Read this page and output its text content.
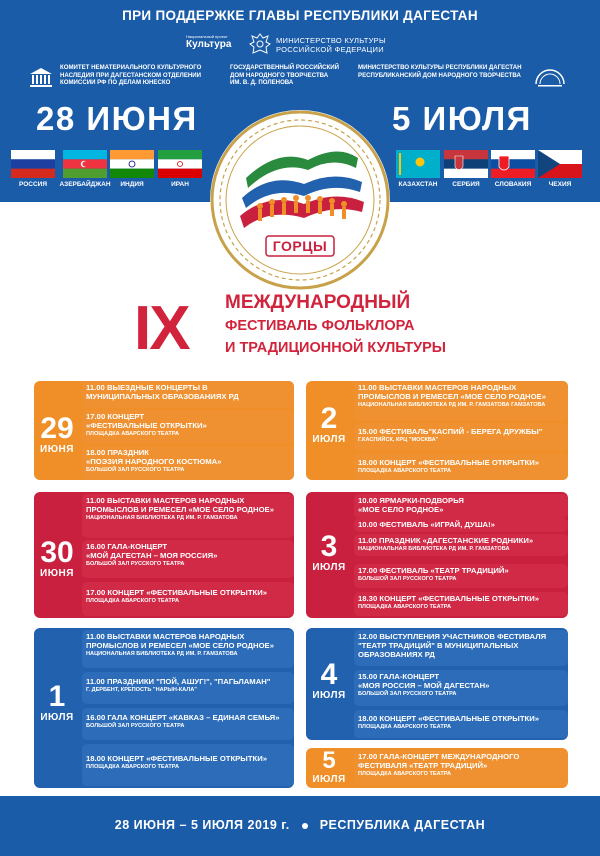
ПРИ ПОДДЕРЖКЕ ГЛАВЫ РЕСПУБЛИКИ ДАГЕСТАН
Национальный проект
Культура	МИНИСТЕРСТВО КУЛЬТУРЫ
РОССИЙСКОЙ ФЕДЕРАЦИИ
КОМИТЕТ НЕМАТЕРИАЛЬНОГО КУЛЬТУРНОГО
НАСЛЕДИЯ ПРИ ДАГЕСТАНСКОМ ОТДЕЛЕНИИ
КОМИССИИ РФ ПО ДЕЛАМ ЮНЕСКО
ГОСУДАРСТВЕННЫЙ РОССИЙСКИЙ
ДОМ НАРОДНОГО ТВОРЧЕСТВА
ИМ. В. Д. ПОЛЕНОВА
МИНИСТЕРСТВО КУЛЬТУРЫ РЕСПУБЛИКИ ДАГЕСТАН
РЕСПУБЛИКАНСКИЙ ДОМ НАРОДНОГО ТВОРЧЕСТВА
28 ИЮНЯ	5 ИЮЛЯ
РОССИЯ	АЗЕРБАЙДЖАН	ИНДИЯ	ИРАН	КАЗАХСТАН	СЕРБИЯ	СЛОВАКИЯ	ЧЕХИЯ
ГОРЦЫ
IX МЕЖДУНАРОДНЫЙ
ФЕСТИВАЛЬ ФОЛЬКЛОРА
И ТРАДИЦИОННОЙ КУЛЬТУРЫ
29
ИЮНЯ
11.00 ВЫЕЗДНЫЕ КОНЦЕРТЫ В
МУНИЦИПАЛЬНЫХ ОБРАЗОВАНИЯХ РД
17.00 КОНЦЕРТ
«ФЕСТИВАЛЬНЫЕ ОТКРЫТКИ»
ПЛОЩАДКА АВАРСКОГО ТЕАТРА
18.00 ПРАЗДНИК
«ПОЭЗИЯ НАРОДНОГО КОСТЮМА»
БОЛЬШОЙ ЗАЛ РУССКОГО ТЕАТРА
30
ИЮНЯ
11.00 ВЫСТАВКИ МАСТЕРОВ НАРОДНЫХ
ПРОМЫСЛОВ И РЕМЕСЕЛ «МОЕ СЕЛО РОДНОЕ»
НАЦИОНАЛЬНАЯ БИБЛИОТЕКА РД ИМ. Р. ГАМЗАТОВА
16.00 ГАЛА-КОНЦЕРТ
«МОЙ ДАГЕСТАН – МОЯ РОССИЯ»
БОЛЬШОЙ ЗАЛ РУССКОГО ТЕАТРА
17.00 КОНЦЕРТ «ФЕСТИВАЛЬНЫЕ ОТКРЫТКИ»
ПЛОЩАДКА АВАРСКОГО ТЕАТРА
1
ИЮЛЯ
11.00 ВЫСТАВКИ МАСТЕРОВ НАРОДНЫХ
ПРОМЫСЛОВ И РЕМЕСЕЛ «МОЕ СЕЛО РОДНОЕ»
НАЦИОНАЛЬНАЯ БИБЛИОТЕКА РД ИМ. Р. ГАМЗАТОВА
11.00 ПРАЗДНИКИ "ПОЙ, АШУГ!", "ПАГЬЛАМАН"
Г. ДЕРБЕНТ, КРЕПОСТЬ "НАРЫН-КАЛА"
16.00 ГАЛА КОНЦЕРТ «КАВКАЗ – ЕДИНАЯ СЕМЬЯ»
БОЛЬШОЙ ЗАЛ РУССКОГО ТЕАТРА
18.00 КОНЦЕРТ «ФЕСТИВАЛЬНЫЕ ОТКРЫТКИ»
ПЛОЩАДКА АВАРСКОГО ТЕАТРА
2
ИЮЛЯ
11.00 ВЫСТАВКИ МАСТЕРОВ НАРОДНЫХ
ПРОМЫСЛОВ И РЕМЕСЕЛ «МОЕ СЕЛО РОДНОЕ»
НАЦИОНАЛЬНАЯ БИБЛИОТЕКА РД ИМ. Р. ГАМЗАТОВА ГАМЗАТОВА
15.00 ФЕСТИВАЛЬ"КАСПИЙ - БЕРЕГА ДРУЖБЫ"
Г.КАСПИЙСК, КРЦ "МОСКВА"
18.00 КОНЦЕРТ «ФЕСТИВАЛЬНЫЕ ОТКРЫТКИ»
ПЛОЩАДКА АВАРСКОГО ТЕАТРА
3
ИЮЛЯ
10.00 ЯРМАРКИ-ПОДВОРЬЯ
«МОЕ СЕЛО РОДНОЕ»
10.00 ФЕСТИВАЛЬ «ИГРАЙ, ДУША!»
11.00 ПРАЗДНИК «ДАГЕСТАНСКИЕ РОДНИКИ»
НАЦИОНАЛЬНАЯ БИБЛИОТЕКА РД ИМ. Р. ГАМЗАТОВА
17.00 ФЕСТИВАЛЬ «ТЕАТР ТРАДИЦИЙ»
БОЛЬШОЙ ЗАЛ РУССКОГО ТЕАТРА
18.30 КОНЦЕРТ «ФЕСТИВАЛЬНЫЕ ОТКРЫТКИ»
ПЛОЩАДКА АВАРСКОГО ТЕАТРА
4
ИЮЛЯ
12.00 ВЫСТУПЛЕНИЯ УЧАСТНИКОВ ФЕСТИВАЛЯ
"ТЕАТР ТРАДИЦИЙ" В МУНИЦИПАЛЬНЫХ
ОБРАЗОВАНИЯХ РД
15.00 ГАЛА-КОНЦЕРТ
«МОЯ РОССИЯ – МОЙ ДАГЕСТАН»
БОЛЬШОЙ ЗАЛ РУССКОГО ТЕАТРА
18.00 КОНЦЕРТ «ФЕСТИВАЛЬНЫЕ ОТКРЫТКИ»
ПЛОЩАДКА АВАРСКОГО ТЕАТРА
5
ИЮЛЯ
17.00 ГАЛА-КОНЦЕРТ МЕЖДУНАРОДНОГО
ФЕСТИВАЛЯ «ТЕАТР ТРАДИЦИЙ»
ПЛОЩАДКА АВАРСКОГО ТЕАТРА
28 ИЮНЯ – 5 ИЮЛЯ 2019 г. РЕСПУБЛИКА ДАГЕСТАН
